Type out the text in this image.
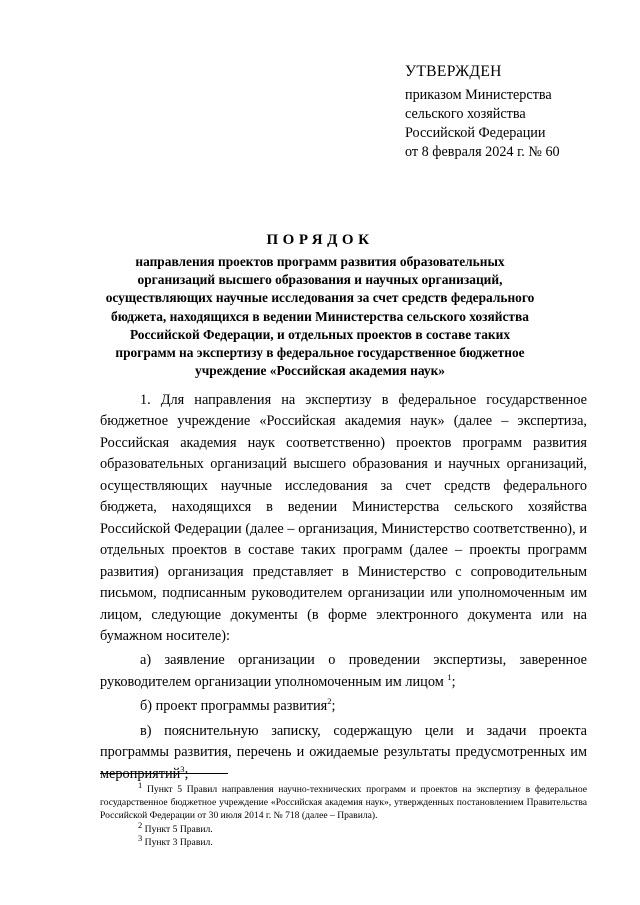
УТВЕРЖДЕН
приказом Министерства
сельского хозяйства
Российской Федерации
от 8 февраля 2024 г. № 60
ПОРЯДОК
направления проектов программ развития образовательных
организаций высшего образования и научных организаций,
осуществляющих научные исследования за счет средств федерального
бюджета, находящихся в ведении Министерства сельского хозяйства
Российской Федерации, и отдельных проектов в составе таких
программ на экспертизу в федеральное государственное бюджетное
учреждение «Российская академия наук»

1. Для направления на экспертизу в федеральное государственное бюджетное учреждение «Российская академия наук» (далее – экспертиза, Российская академия наук соответственно) проектов программ развития образовательных организаций высшего образования и научных организаций, осуществляющих научные исследования за счет средств федерального бюджета, находящихся в ведении Министерства сельского хозяйства Российской Федерации (далее – организация, Министерство соответственно), и отдельных проектов в составе таких программ (далее – проекты программ развития) организация представляет в Министерство с сопроводительным письмом, подписанным руководителем организации или уполномоченным им лицом, следующие документы (в форме электронного документа или на бумажном носителе):

а) заявление организации о проведении экспертизы, заверенное руководителем организации уполномоченным им лицом $^1$;

б) проект программы развития$^2$;

в) пояснительную записку, содержащую цели и задачи проекта программы развития, перечень и ожидаемые результаты предусмотренных им мероприятий$^3$;

$^1$ Пункт 5 Правил направления научно-технических программ и проектов на экспертизу в федеральное государственное бюджетное учреждение «Российская академия наук», утвержденных постановлением Правительства Российской Федерации от 30 июля 2014 г. № 718 (далее – Правила).

$^2$ Пункт 5 Правил.

$^3$ Пункт 3 Правил.
